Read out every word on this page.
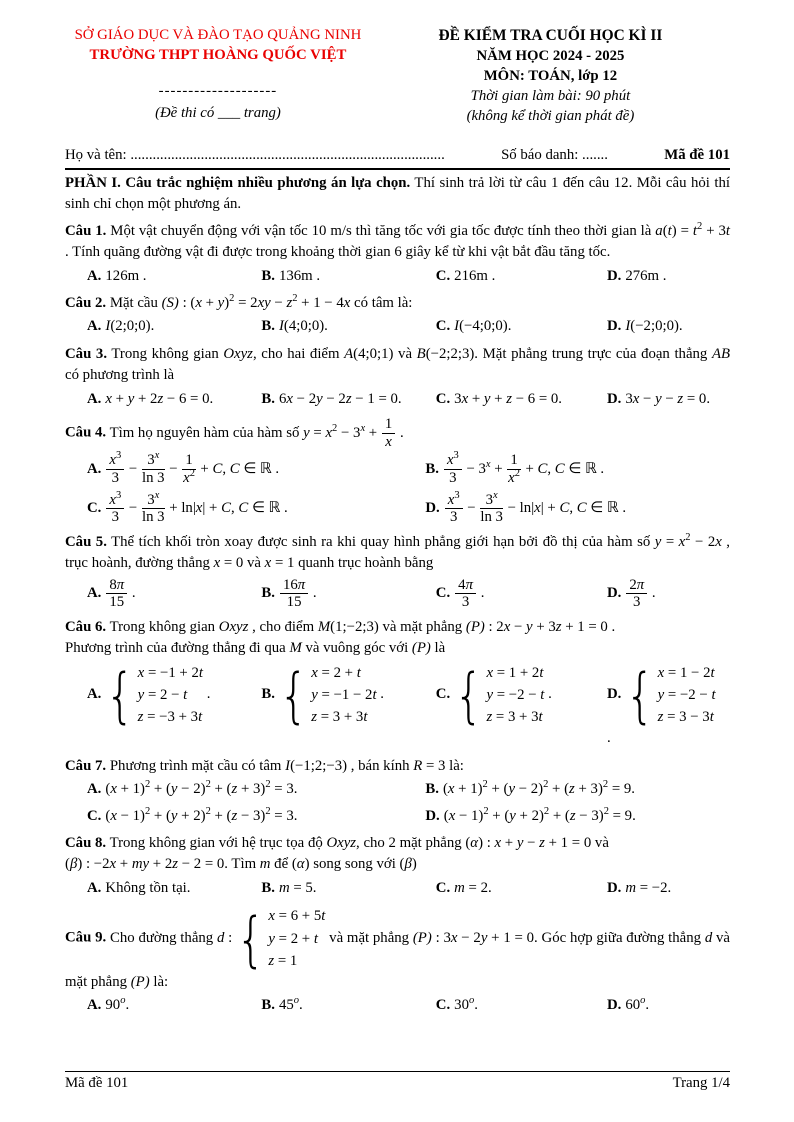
SỞ GIÁO DỤC VÀ ĐÀO TẠO QUẢNG NINH
TRƯỜNG THPT HOÀNG QUỐC VIỆT
--------------------
(Đề thi có ___ trang)
ĐỀ KIỂM TRA CUỐI HỌC KÌ II
NĂM HỌC 2024 - 2025
MÔN: TOÁN, lớp 12
Thời gian làm bài: 90 phút
(không kể thời gian phát đề)
Họ và tên: .....................................................................................	Số báo danh: .......	Mã đề 101
PHẦN I. Câu trắc nghiệm nhiều phương án lựa chọn. Thí sinh trả lời từ câu 1 đến câu 12. Mỗi câu hỏi thí sinh chỉ chọn một phương án.
Câu 1. Một vật chuyển động với vận tốc 10 m/s thì tăng tốc với gia tốc được tính theo thời gian là $a(t) = t^2 + 3t$ . Tính quãng đường vật đi được trong khoảng thời gian 6 giây kể từ khi vật bắt đầu tăng tốc.
A. 126m .	B. 136m .	C. 216m .	D. 276m .
Câu 2. Mặt cầu (S) : $(x + y)^2 = 2xy - z^2 + 1 - 4x$ có tâm là:
A. I(2;0;0).	B. I(4;0;0).	C. I(−4;0;0).	D. I(−2;0;0).
Câu 3. Trong không gian Oxyz, cho hai điểm A(4;0;1) và B(−2;2;3). Mặt phẳng trung trực của đoạn thẳng AB có phương trình là
A. x + y + 2z − 6 = 0.	B. 6x − 2y − 2z − 1 = 0.	C. 3x + y + z − 6 = 0.	D. 3x − y − z = 0.
Câu 4. Tìm họ nguyên hàm của hàm số $y = x^2 - 3^x + \frac{1}{x}$ .
A. $\frac{x^3}{3} - \frac{3^x}{\ln 3} - \frac{1}{x^2} + C$, C ∈ ℝ .	B. $\frac{x^3}{3} - 3^x + \frac{1}{x^2} + C$, C ∈ ℝ .
C. $\frac{x^3}{3} - \frac{3^x}{\ln 3} + \ln|x| + C$, C ∈ ℝ .	D. $\frac{x^3}{3} - \frac{3^x}{\ln 3} - \ln|x| + C$, C ∈ ℝ .
Câu 5. Thể tích khối tròn xoay được sinh ra khi quay hình phẳng giới hạn bởi đồ thị của hàm số $y = x^2 - 2x$ , trục hoành, đường thẳng x = 0 và x = 1 quanh trục hoành bằng
A. $\frac{8\pi}{15}$ .	B. $\frac{16\pi}{15}$ .	C. $\frac{4\pi}{3}$ .	D. $\frac{2\pi}{3}$ .
Câu 6. Trong không gian Oxyz , cho điểm M(1;−2;3) và mặt phẳng (P) : 2x − y + 3z + 1 = 0 .
Phương trình của đường thẳng đi qua M và vuông góc với (P) là
A. { x = −1 + 2t
y = 2 − t
z = −3 + 3t
.	B. { x = 2 + t
y = −1 − 2t
z = 3 + 3t
.	C. { x = 1 + 2t
y = −2 − t
z = 3 + 3t
.	D. { x = 1 − 2t
y = −2 − t
z = 3 − 3t
.
Câu 7. Phương trình mặt cầu có tâm I(−1;2;−3) , bán kính R = 3 là:
A. $(x + 1)^2 + (y - 2)^2 + (z + 3)^2 = 3$.	B. $(x + 1)^2 + (y - 2)^2 + (z + 3)^2 = 9$.
C. $(x - 1)^2 + (y + 2)^2 + (z - 3)^2 = 3$.	D. $(x - 1)^2 + (y + 2)^2 + (z - 3)^2 = 9$.
Câu 8. Trong không gian với hệ trục tọa độ Oxyz, cho 2 mặt phẳng (α) : x + y − z + 1 = 0 và
(β) : −2x + my + 2z − 2 = 0. Tìm m để (α) song song với (β)
A. Không tồn tại.	B. m = 5.	C. m = 2.	D. m = −2.
Câu 9. Cho đường thẳng d : { x = 6 + 5t
y = 2 + t
z = 1
và mặt phẳng (P) : 3x − 2y + 1 = 0. Góc hợp giữa đường thẳng d và mặt phẳng (P) là:
A. 90$^o$.	B. 45$^o$.	C. 30$^o$.	D. 60$^o$.
Mã đề 101	Trang 1/4
